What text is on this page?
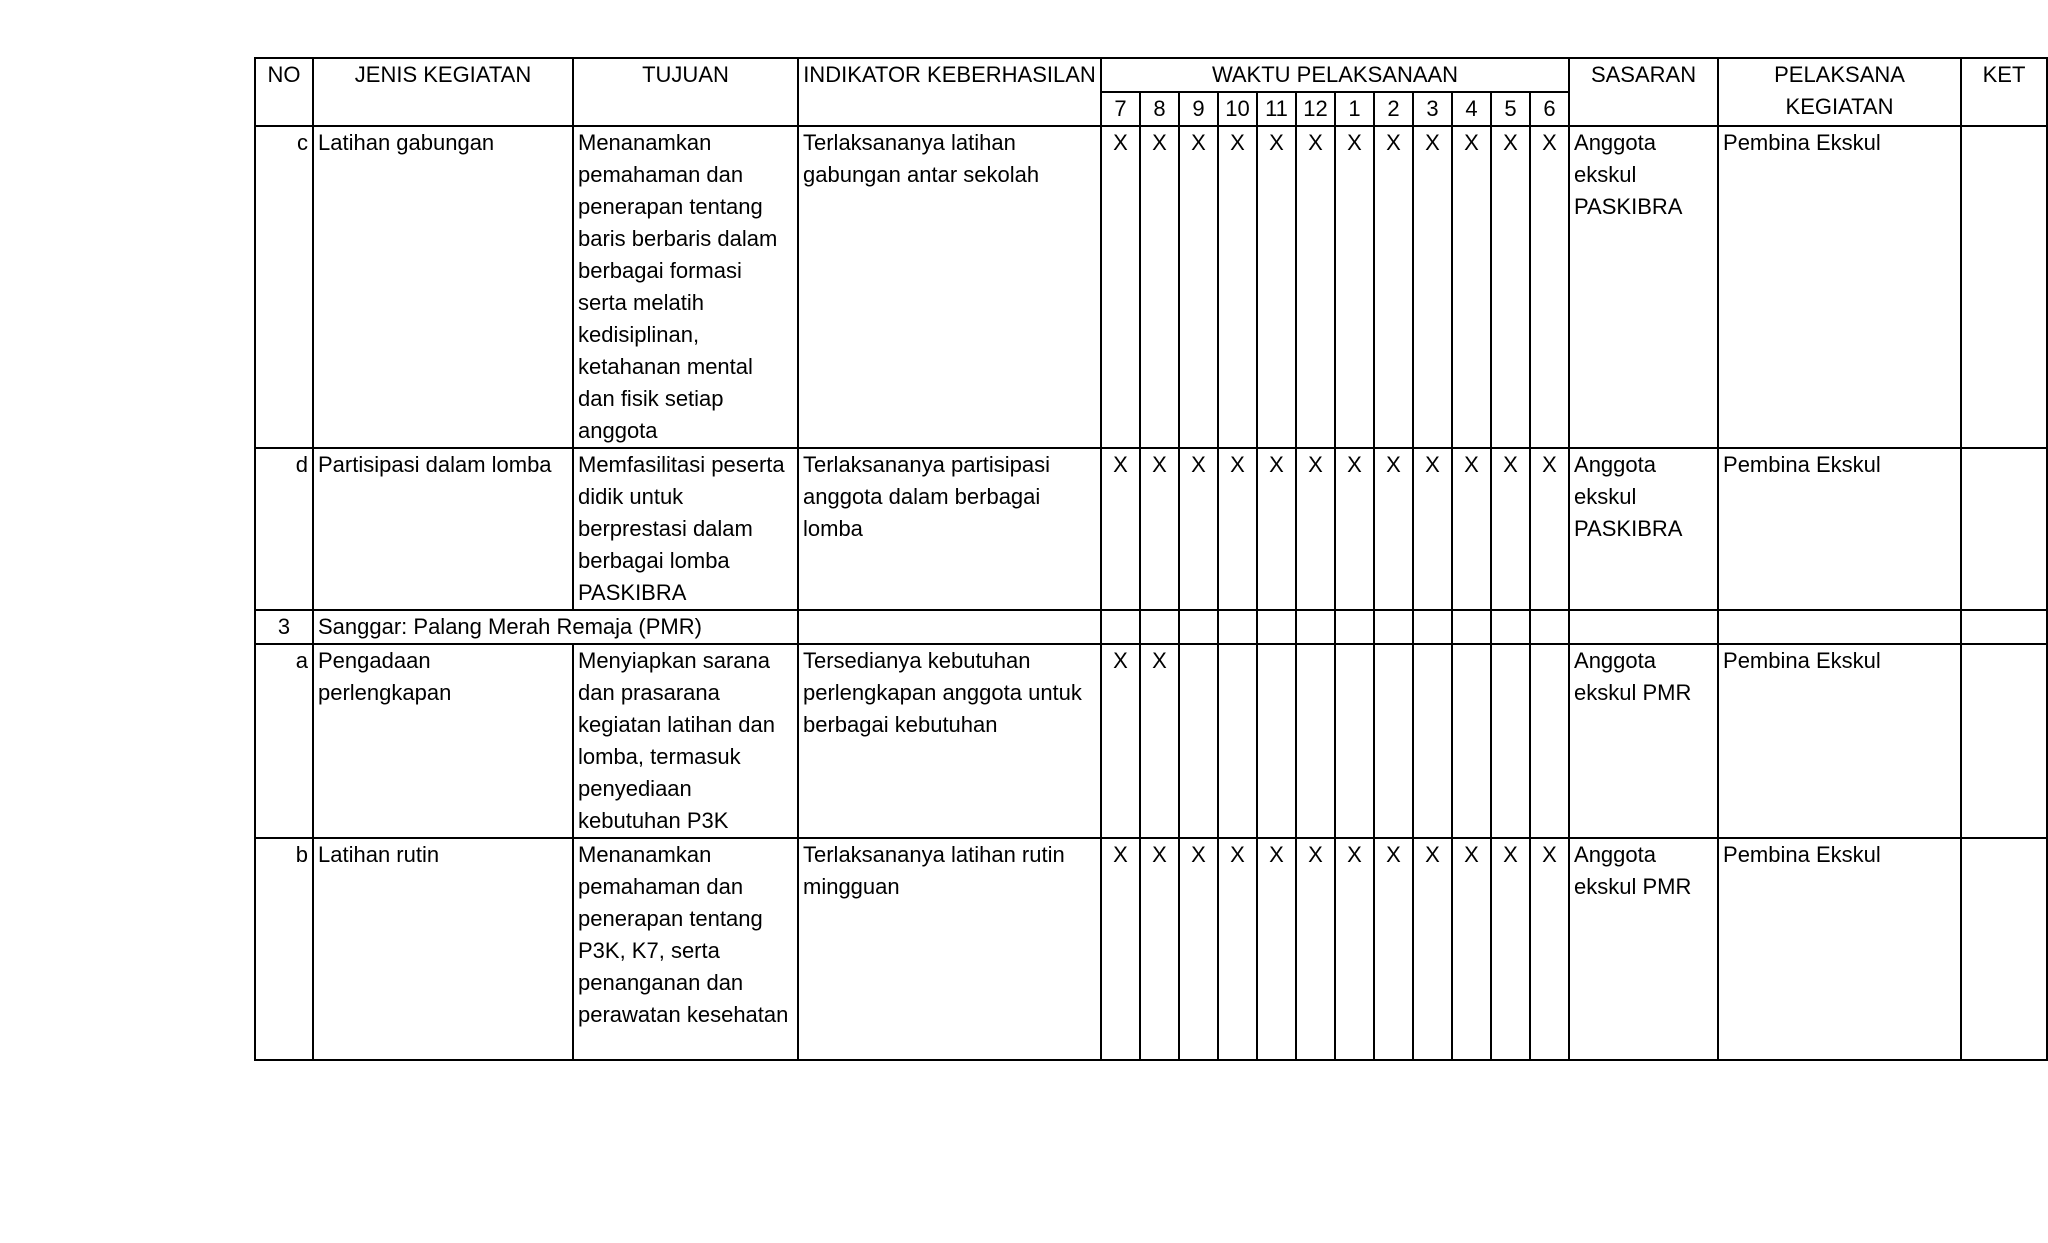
NO	JENIS KEGIATAN	TUJUAN	INDIKATOR KEBERHASILAN	WAKTU PELAKSANAAN												SASARAN	PELAKSANA KEGIATAN	KET
				7	8	9	10	11	12	1	2	3	4	5	6			
c	Latihan gabungan	Menanamkan pemahaman dan penerapan tentang baris berbaris dalam berbagai formasi serta melatih kedisiplinan, ketahanan mental dan fisik setiap anggota	Terlaksananya latihan gabungan antar sekolah	X	X	X	X	X	X	X	X	X	X	X	X	Anggota ekskul PASKIBRA	Pembina Ekskul	
d	Partisipasi dalam lomba	Memfasilitasi peserta didik untuk berprestasi dalam berbagai lomba PASKIBRA	Terlaksananya partisipasi anggota dalam berbagai lomba	X	X	X	X	X	X	X	X	X	X	X	X	Anggota ekskul PASKIBRA	Pembina Ekskul	
3	Sanggar: Palang Merah Remaja (PMR)																	
a	Pengadaan perlengkapan	Menyiapkan sarana dan prasarana kegiatan latihan dan lomba, termasuk penyediaan kebutuhan P3K	Tersedianya kebutuhan perlengkapan anggota untuk berbagai kebutuhan	X	X											Anggota ekskul PMR	Pembina Ekskul	
b	Latihan rutin	Menanamkan pemahaman dan penerapan tentang P3K, K7, serta penanganan dan perawatan kesehatan	Terlaksananya latihan rutin mingguan	X	X	X	X	X	X	X	X	X	X	X	X	Anggota ekskul PMR	Pembina Ekskul	
